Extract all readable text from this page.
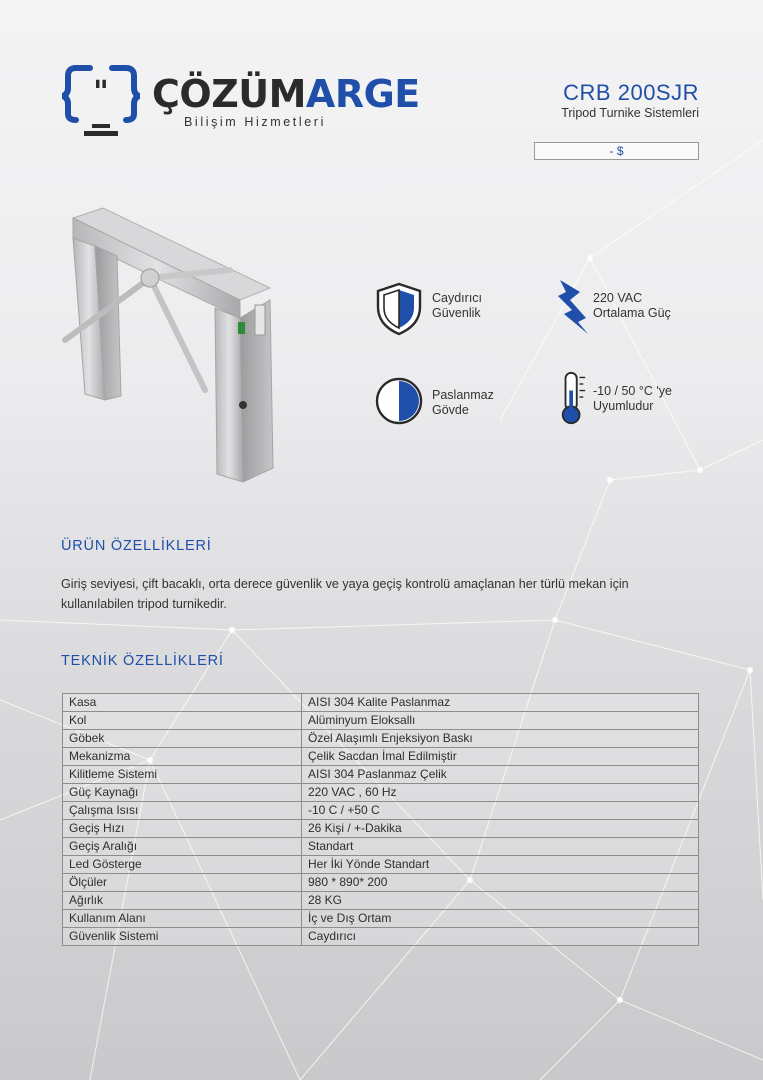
" ÇÖZÜMARGE
Bilişim Hizmetleri
CRB 200SJR
Tripod Turnike Sistemleri
- $
Caydırıcı
Güvenlik
220 VAC
Ortalama Güç
Paslanmaz
Gövde
-10 / 50 °C 'ye
Uyumludur
ÜRÜN ÖZELLİKLERİ
Giriş seviyesi, çift bacaklı, orta derece güvenlik ve yaya geçiş kontrolü amaçlanan her türlü mekan için kullanılabilen tripod turnikedir.
TEKNİK ÖZELLİKLERİ
Kasa	AISI 304 Kalite Paslanmaz
Kol	Alüminyum Eloksallı
Göbek	Özel Alaşımlı Enjeksiyon Baskı
Mekanizma	Çelik Sacdan İmal Edilmiştir
Kilitleme Sistemi	AISI 304 Paslanmaz Çelik
Güç Kaynağı	220 VAC , 60 Hz
Çalışma Isısı	-10 C / +50 C
Geçiş Hızı	26 Kişi / +-Dakika
Geçiş Aralığı	Standart
Led Gösterge	Her İki Yönde Standart
Ölçüler	980 * 890* 200
Ağırlık	28 KG
Kullanım Alanı	İç ve Dış Ortam
Güvenlik Sistemi	Caydırıcı
